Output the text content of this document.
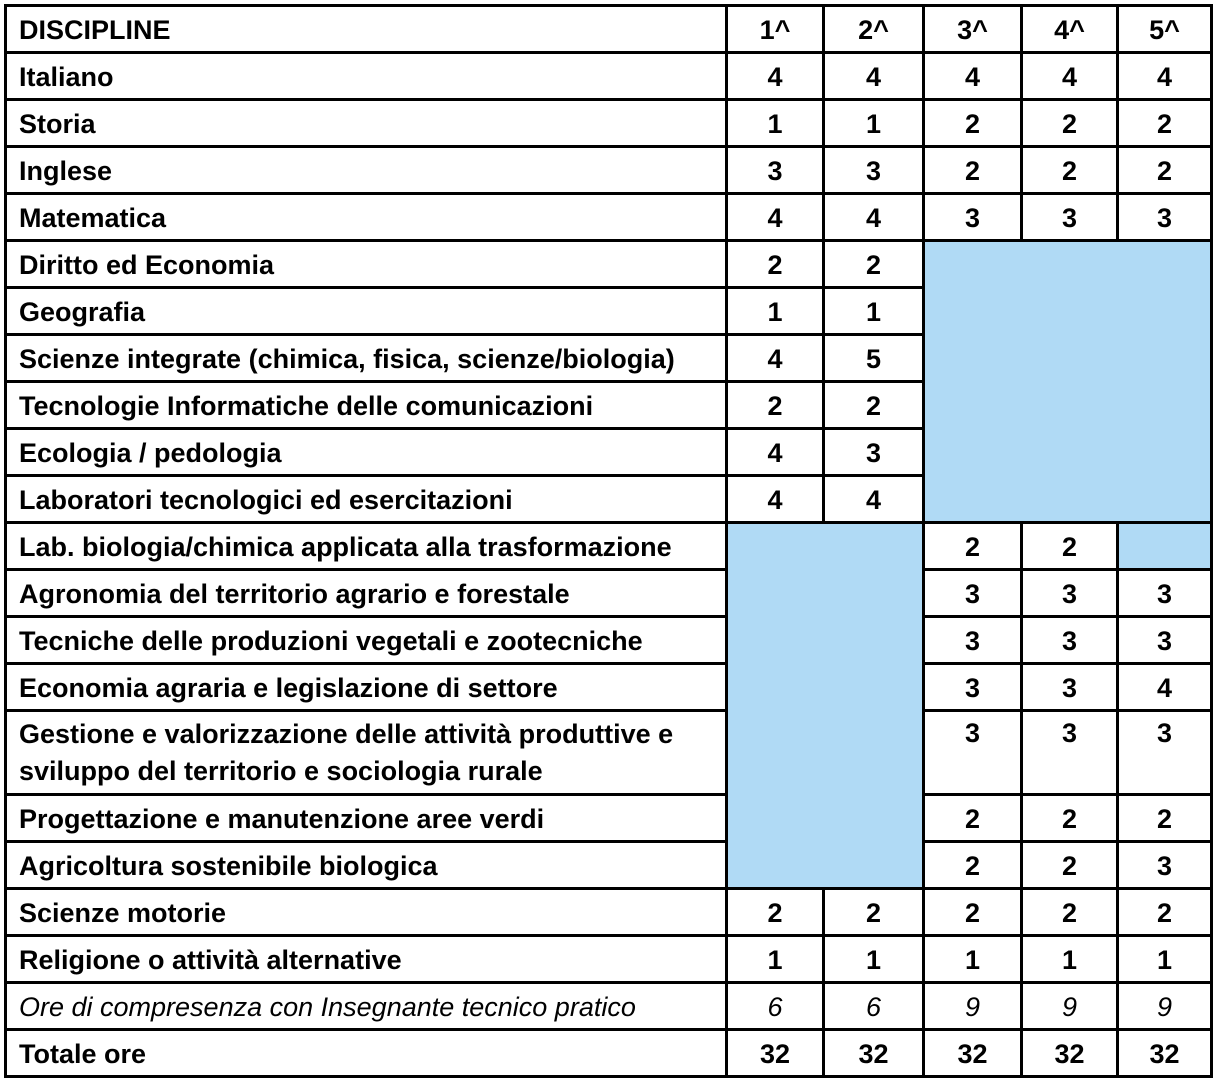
DISCIPLINE	1^	2^	3^	4^	5^
Italiano	4	4	4	4	4
Storia	1	1	2	2	2
Inglese	3	3	2	2	2
Matematica	4	4	3	3	3
Diritto ed Economia	2	2			
Geografia	1	1			
Scienze integrate (chimica, fisica, scienze/biologia)	4	5			
Tecnologie Informatiche delle comunicazioni	2	2			
Ecologia / pedologia	4	3			
Laboratori tecnologici ed esercitazioni	4	4			
Lab. biologia/chimica applicata alla trasformazione			2	2	
Agronomia del territorio agrario e forestale			3	3	3
Tecniche delle produzioni vegetali e zootecniche			3	3	3
Economia agraria e legislazione di settore			3	3	4
Gestione e valorizzazione delle attività produttive e sviluppo del territorio e sociologia rurale			3	3	3
Progettazione e manutenzione aree verdi			2	2	2
Agricoltura sostenibile biologica			2	2	3
Scienze motorie	2	2	2	2	2
Religione o attività alternative	1	1	1	1	1
Ore di compresenza con Insegnante tecnico pratico	6	6	9	9	9
Totale ore	32	32	32	32	32
